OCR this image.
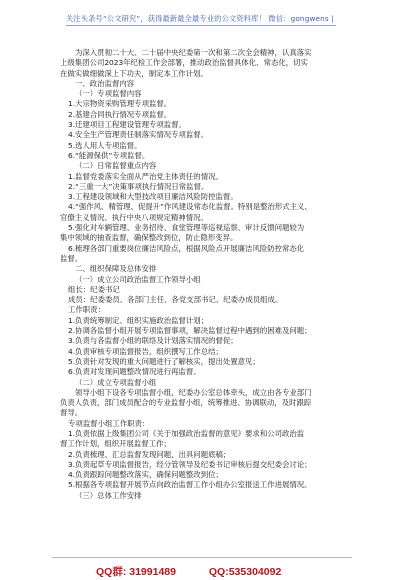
关注头条号“公文研究”，获得最新最全最专业的公文资料库！ 微信：gongwens |
为深入贯彻二十大、二十届中央纪委第一次和第二次全会精神，认真落实
上级集团公司2023年纪检工作会部署，推动政治监督具体化、常态化，切实
在做实做细做深上下功夫，制定本工作计划。
一、政治监督内容
（一）专项监督内容
1.大宗物资采购管理专项监督。
2.基建合同执行情况专项监督。
3.迁建项目工程建设管理专项监督。
4.安全生产管理责任制落实情况专项监督。
5.选人用人专项监督。
6.“能源保供”专项监督。
（二）日常监督重点内容
1.监督党委落实全面从严治党主体责任的情况。
2.“三重一大”决策事项执行情况日常监督。
3.工程建设领域和大型技改项目廉洁风险防控监督。
4.“强作风、精管理、促提升”作风建设常态化监督。特别是整治形式主义、
官僚主义情况、执行中央八项规定精神情况。
5.强化对车辆管理、业务招待、食堂管理等巡视巡察、审计反馈问题较为
集中领域的抽查监督，确保整改到位，防止隐形变异。
6.梳理各部门重要岗位廉洁风险点，根据风险点开展廉洁风险防控常态化
监督。
二、组织保障及总体安排
（一）成立公司政治监督工作领导小组
组长：纪委书记
成员：纪委委员、各部门主任、各党支部书记、纪委办成员组成。
工作职责：
1.负责统筹制定、组织实施政治监督计划；
2.协调各监督小组开展专项监督事项，解决监督过程中遇到的困难及问题；
3.负责与各监督小组的联络及计划落实情况的督促；
4.负责审核专项监督报告，组织撰写工作总结；
5.负责针对发现的重大问题进行了解核实，提出处置意见；
6.负责对发现问题整改情况进行再监督。
（二）成立专项监督小组
领导小组下设各专项监督小组，纪委办公室总体牵头，成立由各专业部门
负责人负责，部门成员配合的专业监督小组，统筹推进、协调联动，及时跟踪
督导。
专项监督小组工作职责：
1.负责依据上级集团公司《关于加强政治监督的意见》要求和公司政治监
督工作计划，组织开展监督工作；
2.负责梳理、汇总监督发现问题，出具问题底稿；
3.负责起草专项监督报告，经分管领导及纪委书记审核后提交纪委会讨论；
4.负责跟踪问题整改落实，确保问题整改到位；
5.根据各专项监督开展节点向政治监督工作小组办公室报送工作进展情况。
（三）总体工作安排
QQ群: 31991489	QQ:535304092
